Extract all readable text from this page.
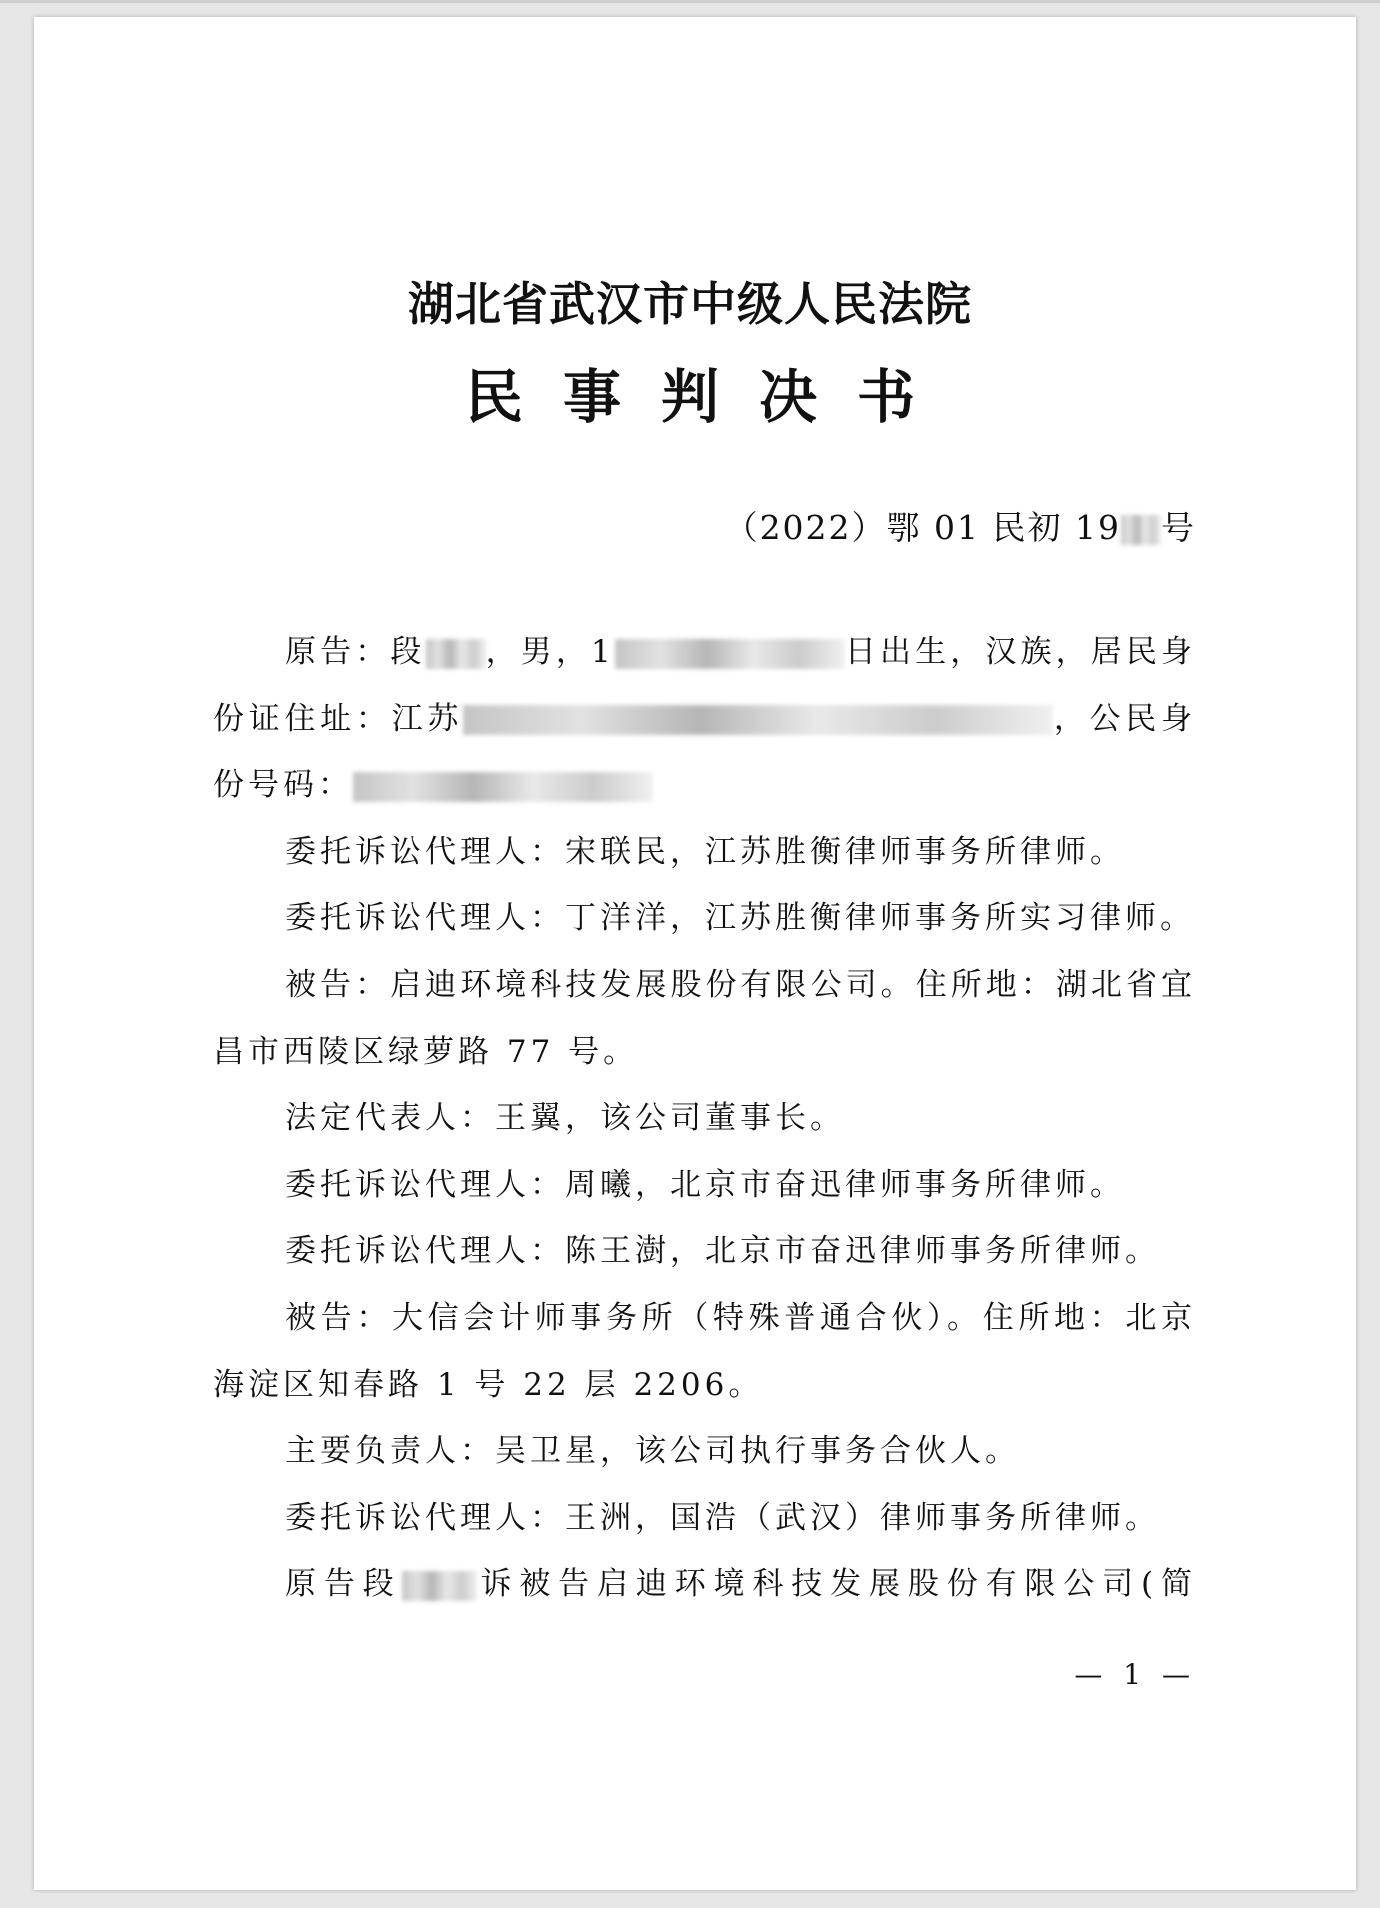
湖北省武汉市中级人民法院
民事判决书
（2022）鄂 01 民初 19 号
原告：段 ，男，1	日出生，汉族，居民身
份证住址：江苏	，公民身
份号码：
委托诉讼代理人：宋联民，江苏胜衡律师事务所律师。
委托诉讼代理人：丁洋洋，江苏胜衡律师事务所实习律师。
被告：启迪环境科技发展股份有限公司。住所地：湖北省宜
昌市西陵区绿萝路 77 号。
法定代表人：王翼，该公司董事长。
委托诉讼代理人：周曦，北京市奋迅律师事务所律师。
委托诉讼代理人：陈王澍，北京市奋迅律师事务所律师。
被告：大信会计师事务所（特殊普通合伙）。住所地：北京
海淀区知春路 1 号 22 层 2206。
主要负责人：吴卫星，该公司执行事务合伙人。
委托诉讼代理人：王洲，国浩（武汉）律师事务所律师。
原告段 诉被告启迪环境科技发展股份有限公司(简
— 1 —
